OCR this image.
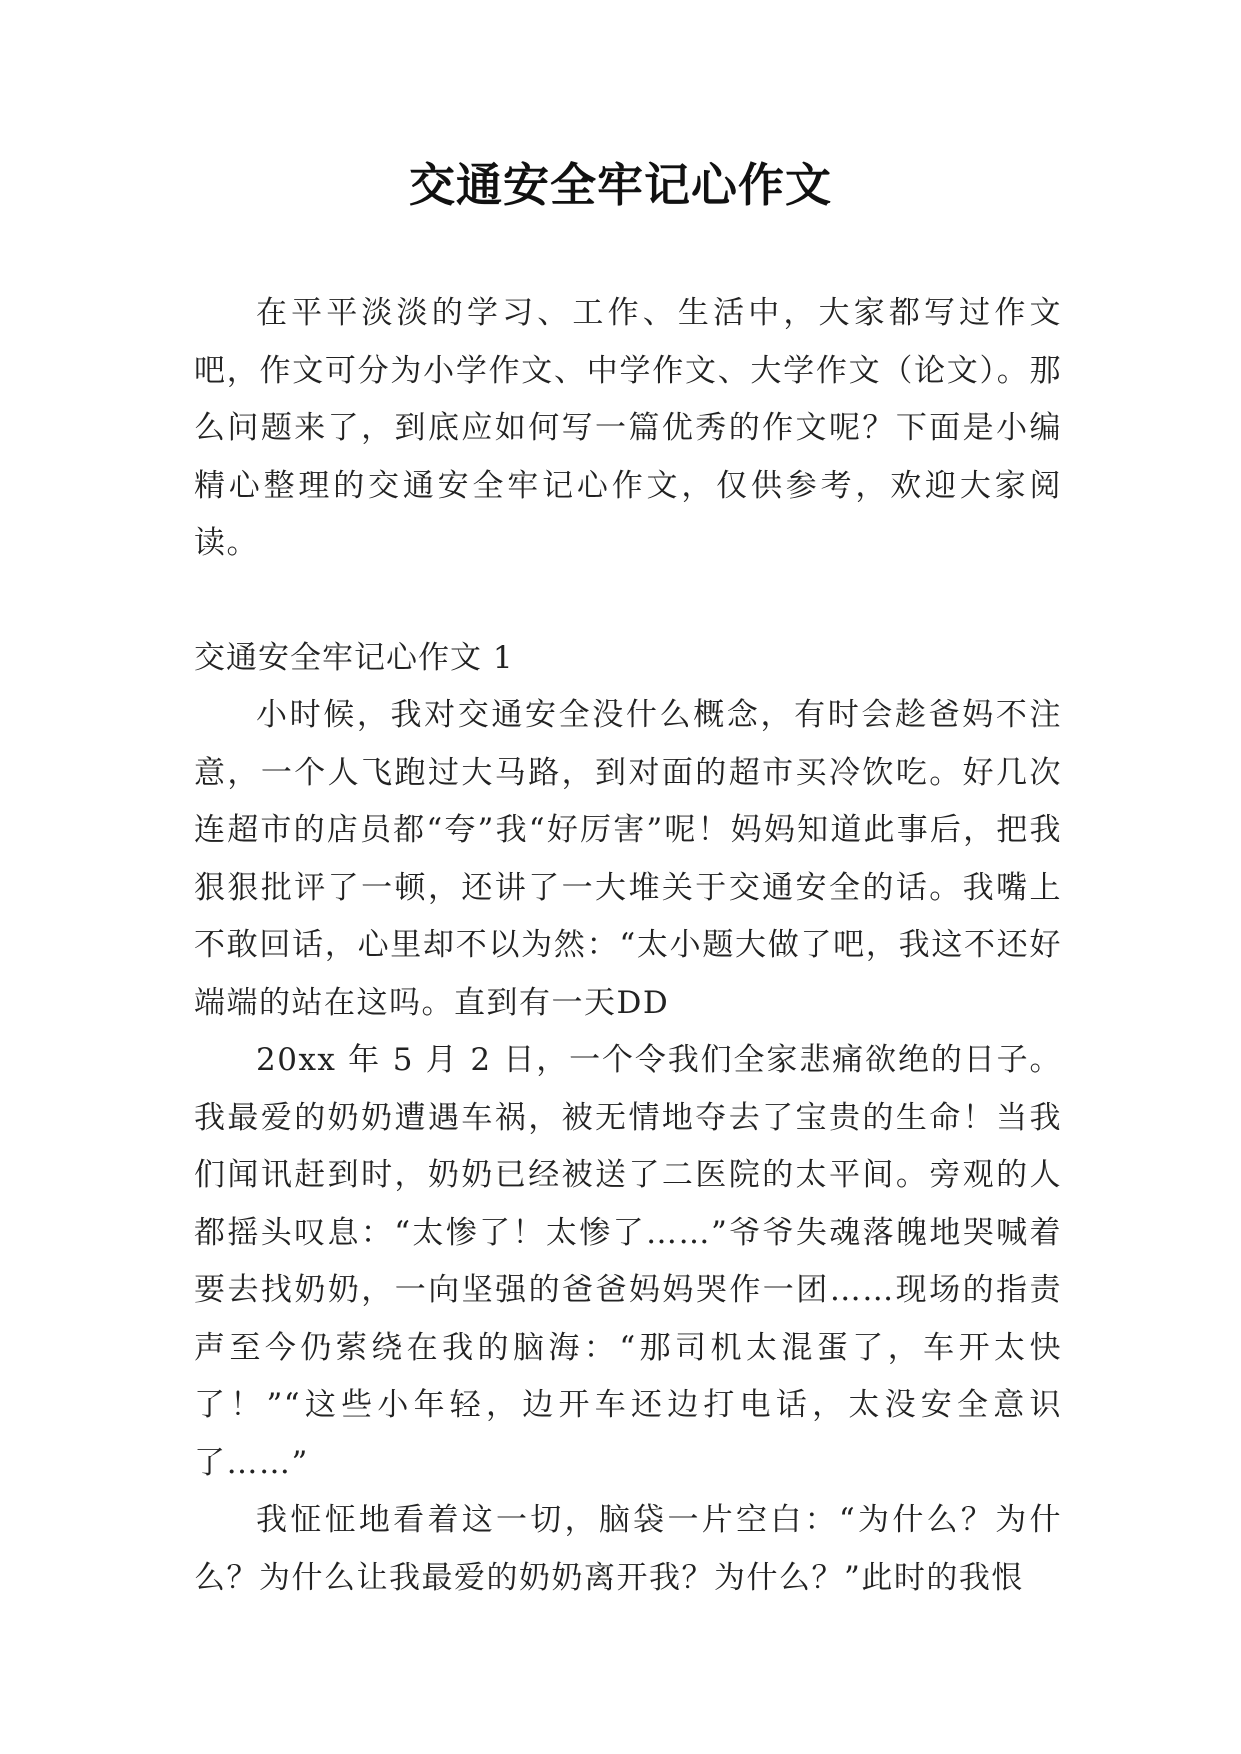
交通安全牢记心作文

在平平淡淡的学习、工作、生活中，大家都写过作文吧，作文可分为小学作文、中学作文、大学作文（论文）。那么问题来了，到底应如何写一篇优秀的作文呢？下面是小编精心整理的交通安全牢记心作文，仅供参考，欢迎大家阅读。

交通安全牢记心作文 1

小时候，我对交通安全没什么概念，有时会趁爸妈不注意，一个人飞跑过大马路，到对面的超市买冷饮吃。好几次连超市的店员都“夸”我“好厉害”呢！妈妈知道此事后，把我狠狠批评了一顿，还讲了一大堆关于交通安全的话。我嘴上不敢回话，心里却不以为然：“太小题大做了吧，我这不还好端端的站在这吗。直到有一天DD

20xx 年 5 月 2 日，一个令我们全家悲痛欲绝的日子。我最爱的奶奶遭遇车祸，被无情地夺去了宝贵的生命！当我们闻讯赶到时，奶奶已经被送了二医院的太平间。旁观的人都摇头叹息：“太惨了！太惨了……”爷爷失魂落魄地哭喊着要去找奶奶，一向坚强的爸爸妈妈哭作一团……现场的指责声至今仍萦绕在我的脑海：“那司机太混蛋了，车开太快了！”“这些小年轻，边开车还边打电话，太没安全意识了……”

我怔怔地看着这一切，脑袋一片空白：“为什么？为什么？为什么让我最爱的奶奶离开我？为什么？”此时的我恨
